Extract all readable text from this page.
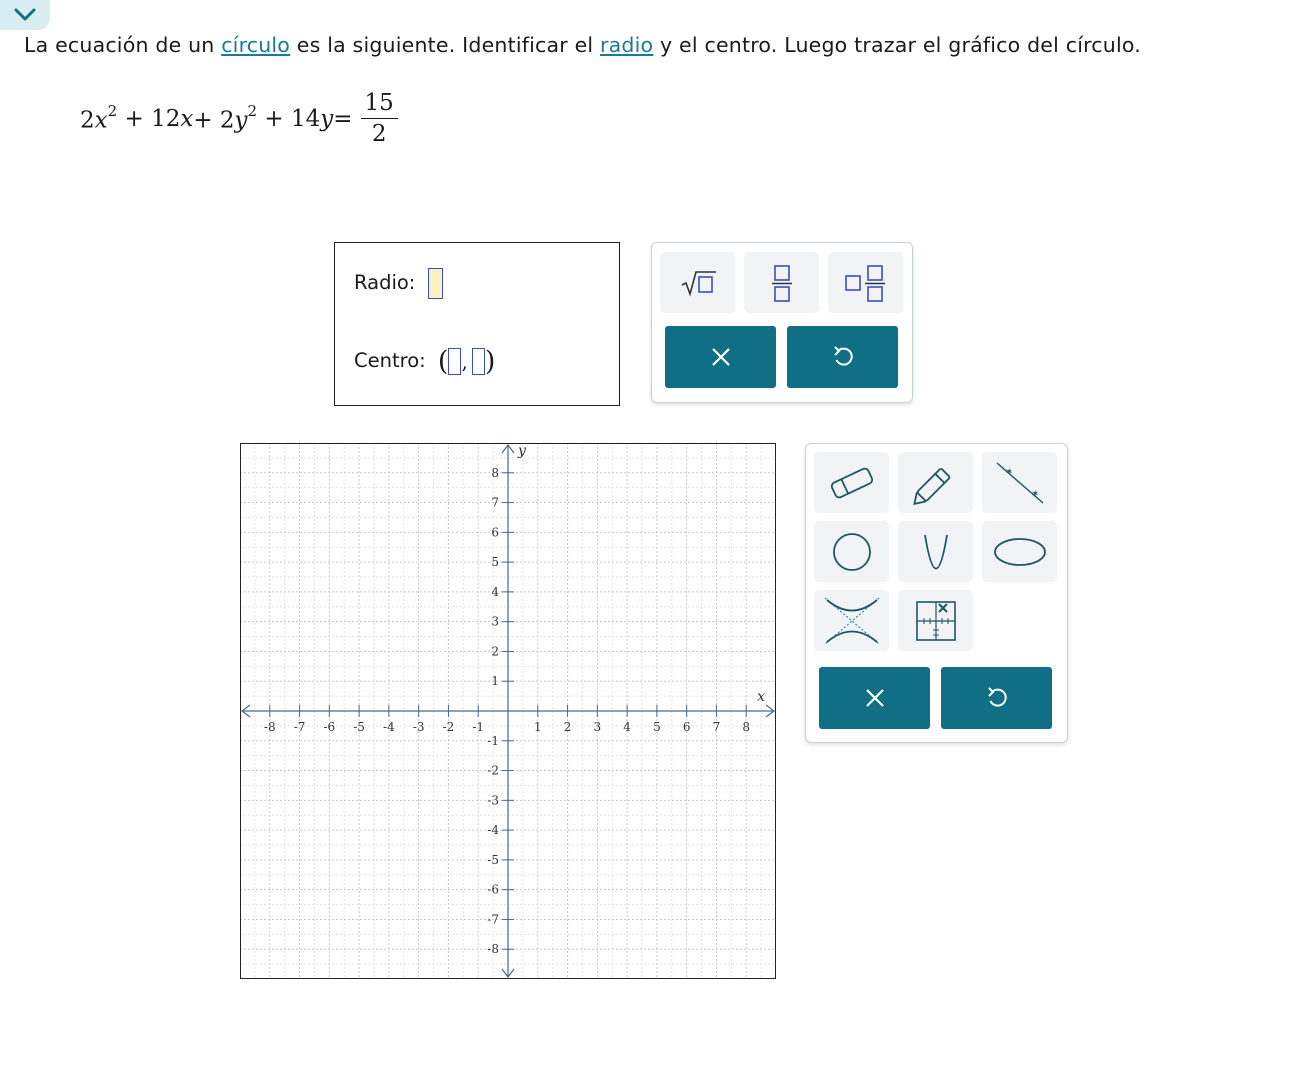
La ecuación de un círculo es la siguiente. Identificar el radio y el centro. Luego trazar el gráfico del círculo.
$2x^2 + 12x + 2y^2 + 14y = \frac{15}{2}$
Radio:
Centro: ( , )
-8 -7 -6 -5 -4 -3 -2 -1	1 2 3 4 5 6 7 8
8
7
6
5
4
3
2
1
-1
-2
-3
-4
-5
-6
-7
-8
x
y
✶
✶
